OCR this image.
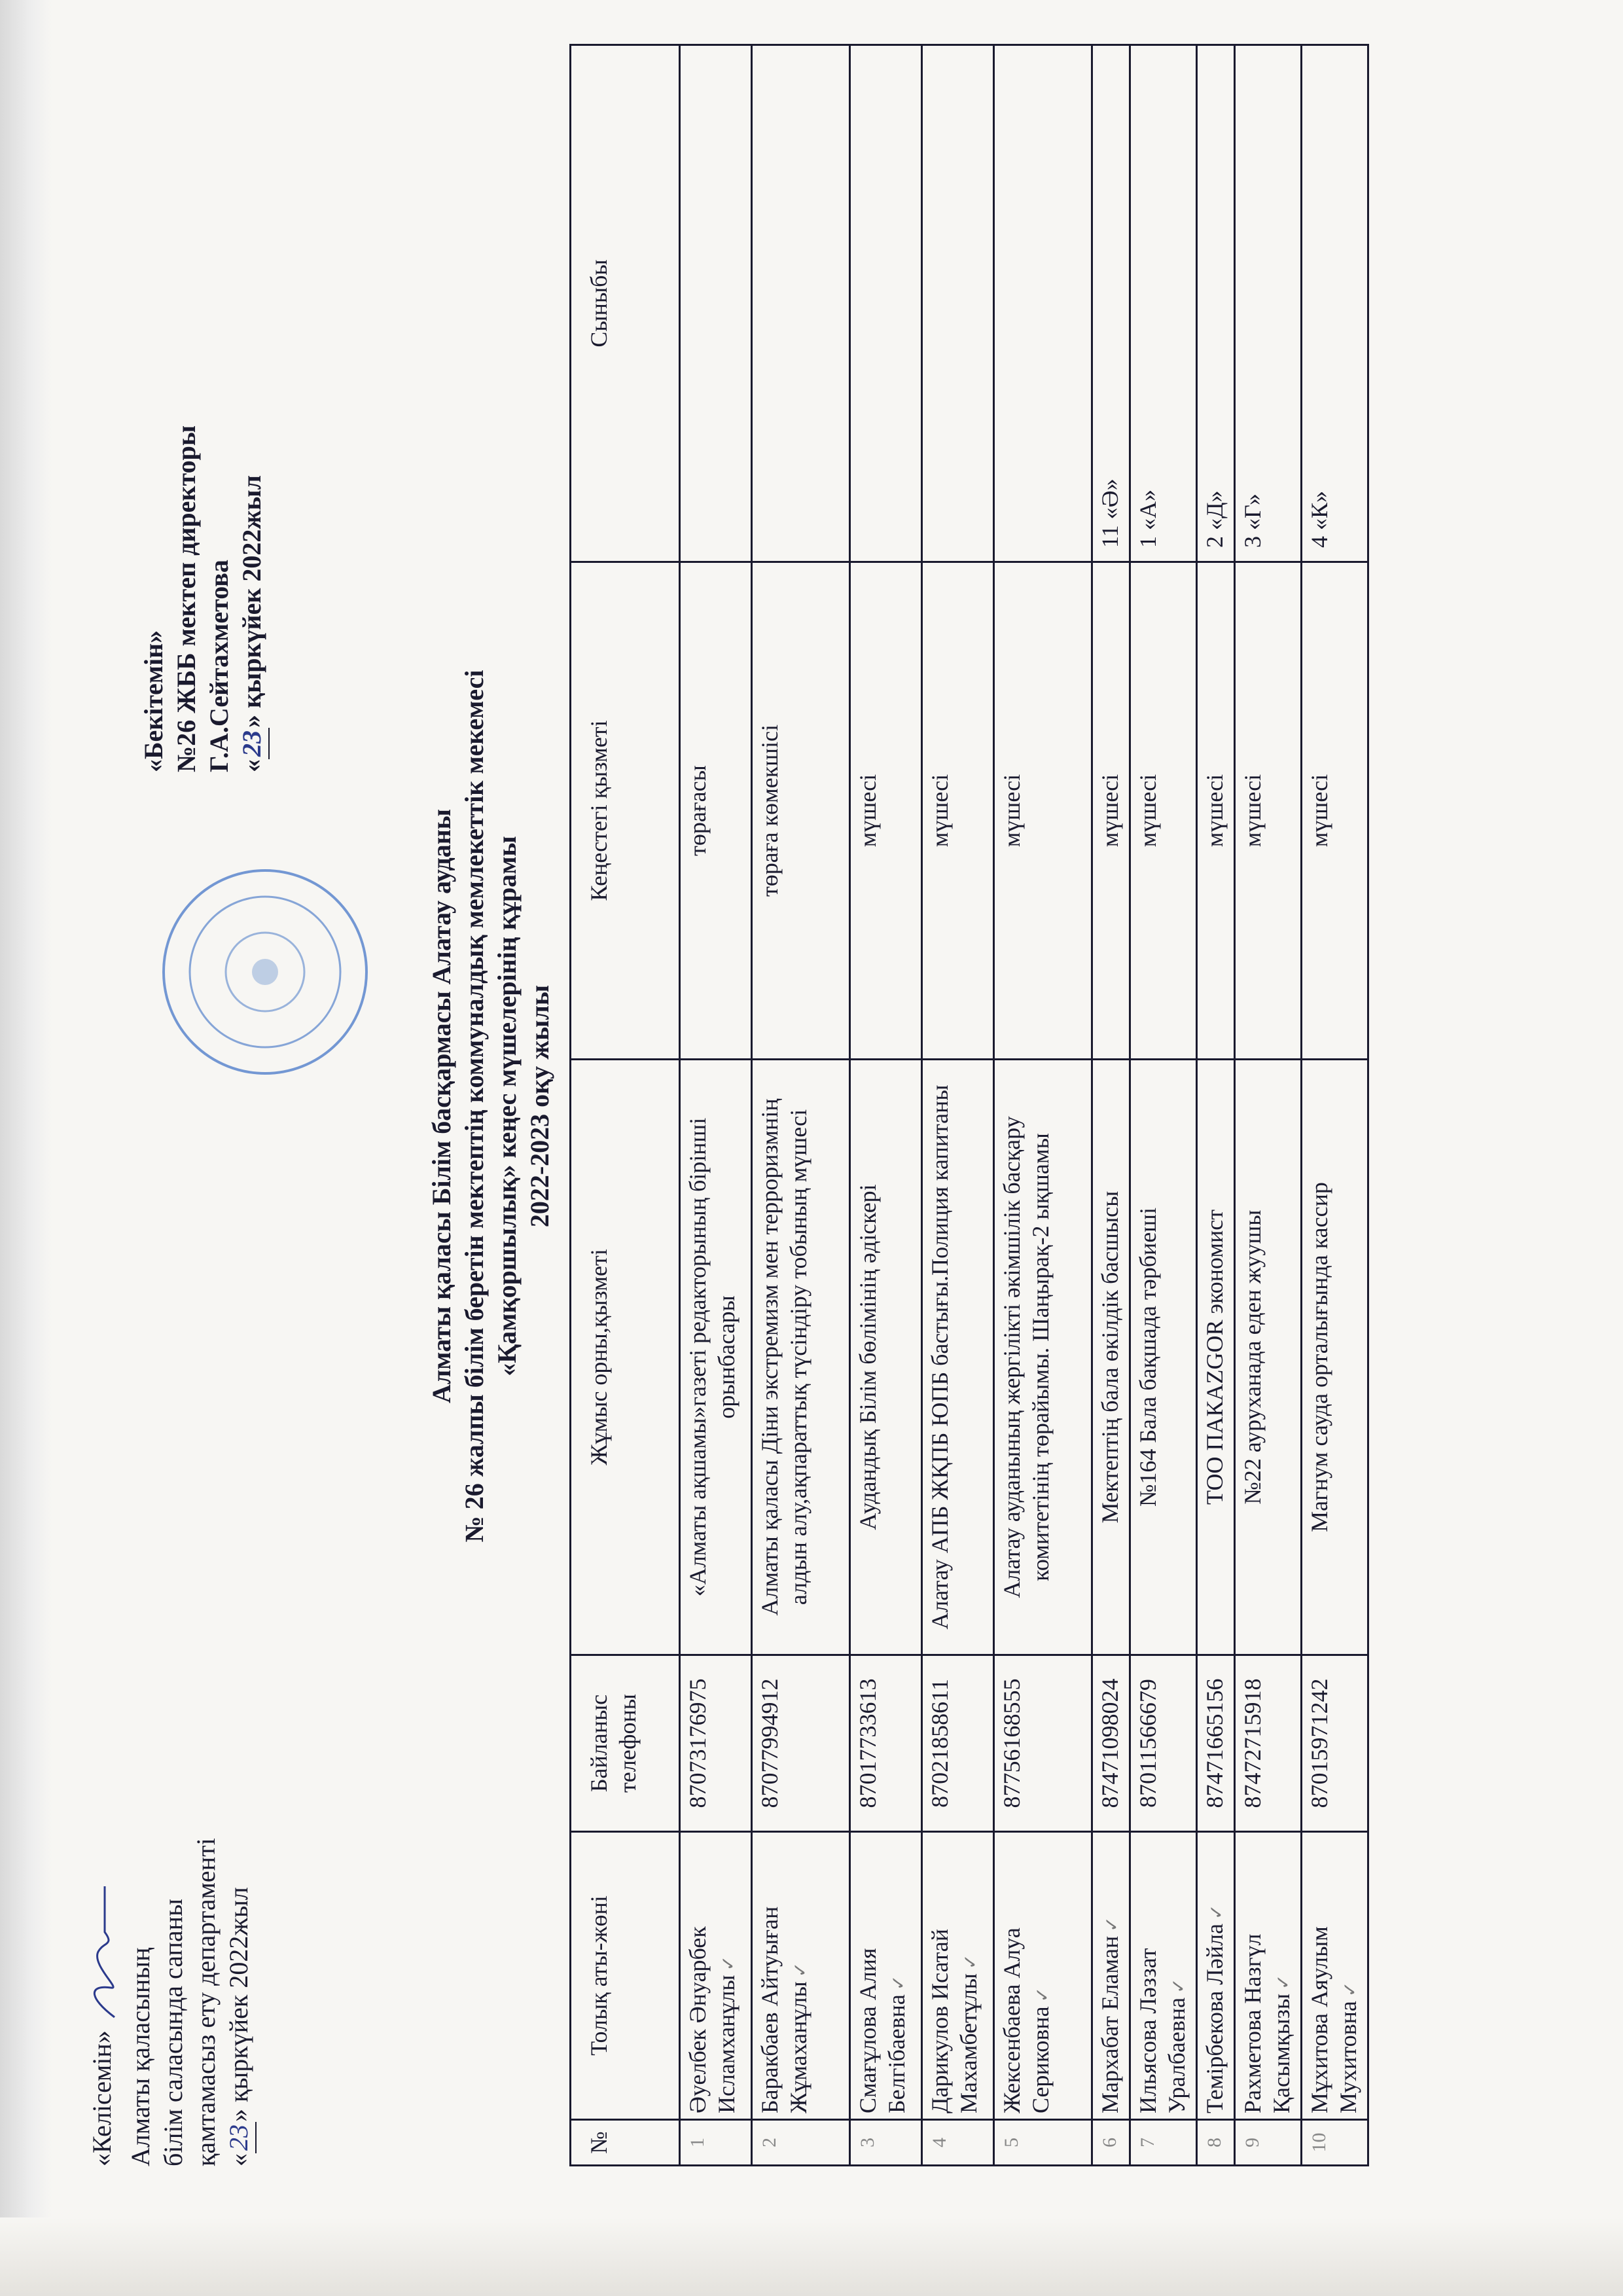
«Келісемін» Алматы қаласының білім саласында сапаны қамтамасыз ету департаменті «23» қыркүйек 2022жыл
«Бекітемін» №26 ЖББ мектеп директоры Г.А.Сейтахметова «23» қыркүйек 2022жыл
Алматы қаласы Білім басқармасы Алатау ауданы № 26 жалпы білім беретін мектептің коммуналдық мемлекеттік мекемесі «Қамқоршылық» кеңес мүшелерінің құрамы 2022-2023 оқу жылы
№	Толық аты-жөні	Байланыс телефоны	Жұмыс орны,қызметі	Кеңестегі қызметі	Сыныбы
1	Әуелбек Әнуарбек Исламханұлы✓	87073176975	«Алматы ақшамы»газеті редакторының бірінші орынбасары	төрағасы	
2	Баракбаев Айтуыған Жұмаханұлы✓	87077994912	Алматы қаласы Діни экстремизм мен терроризмнің алдын алу,ақпараттық түсіндіру тобының мүшесі	төраға көмекшісі	
3	Смағұлова Алия Белгібаевна✓	87017733613	Аудандық Білім бөлімінің әдіскері	мүшесі	
4	Дарикулов Исатай Махамбетұлы✓	87021858611	Алатау АПБ ЖҚПБ ЮПБ бастығы.Полиция капитаны	мүшесі	
5	Жексенбаева Алуа Сериковна✓	87756168555	Алатау ауданының жергілікті әкімшілік басқару комитетінің төрайымы. Шаңырақ-2 ықшамы	мүшесі	
6	Мархабат Еламан✓	87471098024	Мектептің бала өкілдік басшысы	мүшесі	11 «Ә»
7	Ильясова Ләззат Уралбаевна✓	87011566679	№164 Бала бақшада тәрбиеші	мүшесі	1 «А»
8	Темірбекова Ләйла✓	87471665156	ТОО ПАКAZGOR экономист	мүшесі	2 «Д»
9	Рахметова Назгүл Қасымқызы✓	87472715918	№22 ауруханада еден жуушы	мүшесі	3 «Г»
10	Мұхитова Аяулым Мухитовна✓	87015971242	Магнум сауда орталығында кассир	мүшесі	4 «К»
